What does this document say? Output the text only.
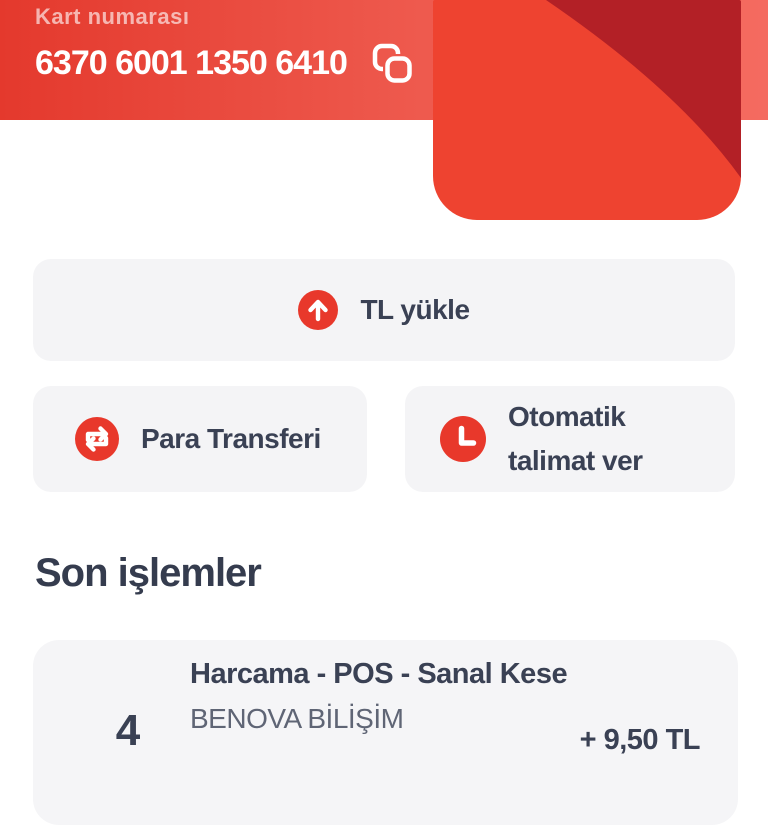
Kart numarası
6370 6001 1350 6410
TL yükle
Para Transferi
Otomatik talimat ver
Son işlemler
4
Harcama - POS - Sanal Kese
BENOVA BİLİŞİM
+ 9,50 TL
